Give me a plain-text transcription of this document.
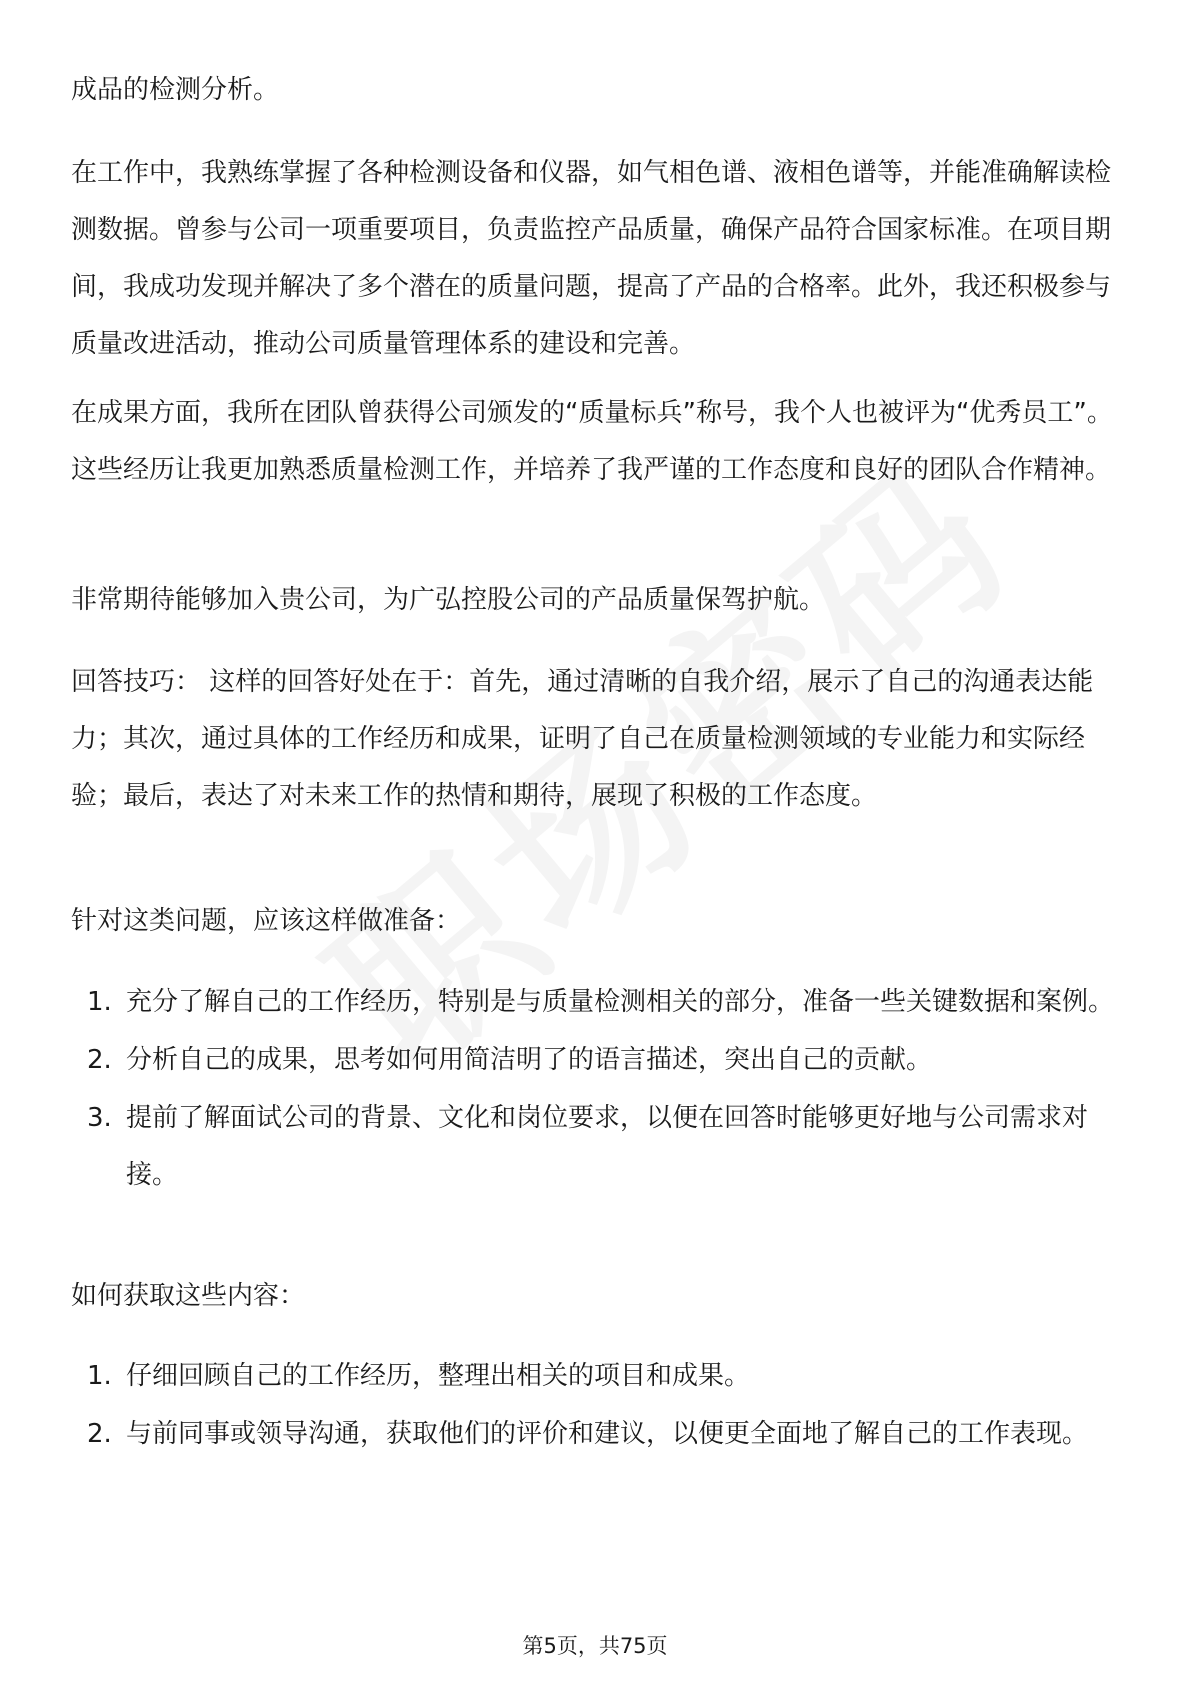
成品的检测分析。

在工作中，我熟练掌握了各种检测设备和仪器，如气相色谱、液相色谱等，并能准确解读检测数据。曾参与公司一项重要项目，负责监控产品质量，确保产品符合国家标准。在项目期间，我成功发现并解决了多个潜在的质量问题，提高了产品的合格率。此外，我还积极参与质量改进活动，推动公司质量管理体系的建设和完善。

在成果方面，我所在团队曾获得公司颁发的“质量标兵”称号，我个人也被评为“优秀员工”。这些经历让我更加熟悉质量检测工作，并培养了我严谨的工作态度和良好的团队合作精神。

非常期待能够加入贵公司，为广弘控股公司的产品质量保驾护航。

回答技巧： 这样的回答好处在于：首先，通过清晰的自我介绍，展示了自己的沟通表达能力；其次，通过具体的工作经历和成果，证明了自己在质量检测领域的专业能力和实际经验；最后，表达了对未来工作的热情和期待，展现了积极的工作态度。

针对这类问题，应该这样做准备：

1. 充分了解自己的工作经历，特别是与质量检测相关的部分，准备一些关键数据和案例。
2. 分析自己的成果，思考如何用简洁明了的语言描述，突出自己的贡献。
3. 提前了解面试公司的背景、文化和岗位要求，以便在回答时能够更好地与公司需求对接。

如何获取这些内容：

1. 仔细回顾自己的工作经历，整理出相关的项目和成果。
2. 与前同事或领导沟通，获取他们的评价和建议，以便更全面地了解自己的工作表现。
第5页，共75页
